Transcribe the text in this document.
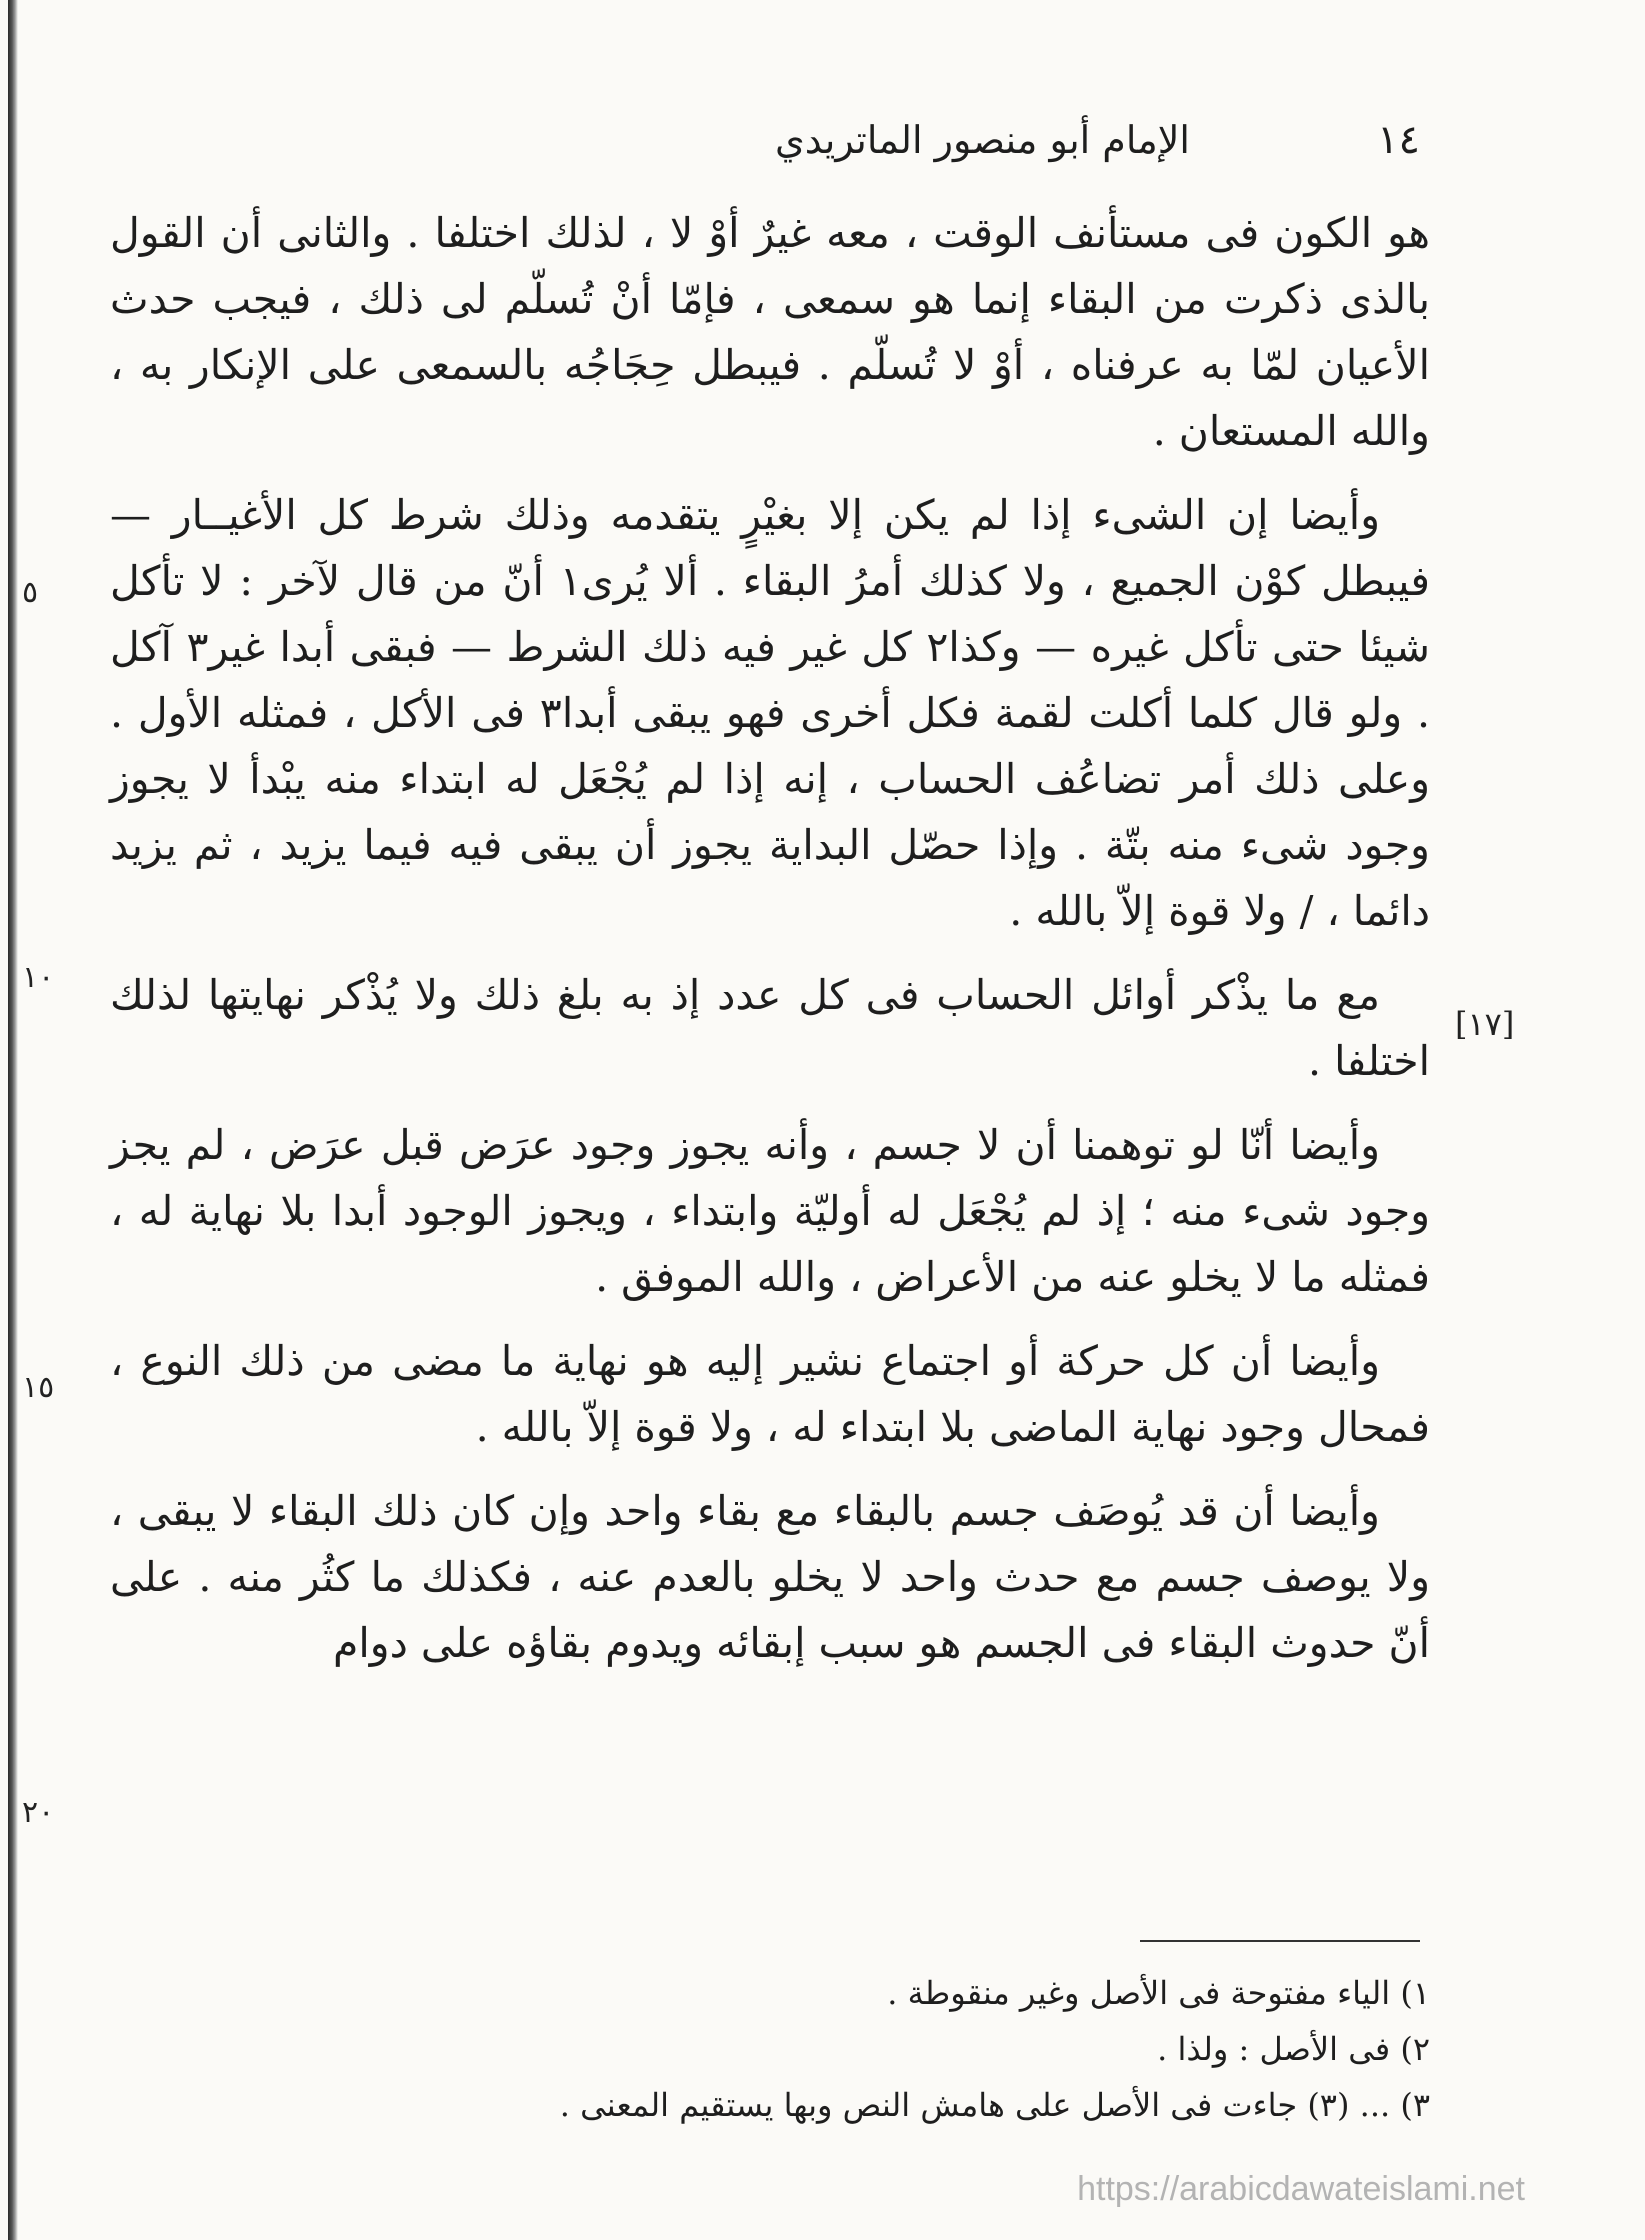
١٤
الإمام أبو منصور الماتريدي

هو الكون فى مستأنف الوقت ، معه غيرٌ أوْ لا ، لذلك اختلفا . والثانى أن القول بالذى ذكرت من البقاء إنما هو سمعى ، فإمّا أنْ تُسلّم لى ذلك ، فيجب حدث الأعيان لمّا به عرفناه ، أوْ لا تُسلّم . فيبطل حِجَاجُه بالسمعى على الإنكار به ، والله المستعان .

وأيضا إن الشىء إذا لم يكن إلا بغيْرٍ يتقدمه وذلك شرط كل الأغيــار — فيبطل كوْن الجميع ، ولا كذلك أمرُ البقاء . ألا يُرى١ أنّ من قال لآخر : لا تأكل شيئا حتى تأكل غيره — وكذا٢ كل غير فيه ذلك الشرط — فبقى أبدا غير٣ آكل . ولو قال كلما أكلت لقمة فكل أخرى فهو يبقى أبدا٣ فى الأكل ، فمثله الأول . وعلى ذلك أمر تضاعُف الحساب ، إنه إذا لم يُجْعَل له ابتداء منه يبْدأ لا يجوز وجود شىء منه بتّة . وإذا حصّل البداية يجوز أن يبقى فيه فيما يزيد ، ثم يزيد دائما ، / ولا قوة إلاّ بالله .

مع ما يذْكر أوائل الحساب فى كل عدد إذ به بلغ ذلك ولا يُذْكر نهايتها لذلك اختلفا .

وأيضا أنّا لو توهمنا أن لا جسم ، وأنه يجوز وجود عرَض قبل عرَض ، لم يجز وجود شىء منه ؛ إذ لم يُجْعَل له أوليّة وابتداء ، ويجوز الوجود أبدا بلا نهاية له ، فمثله ما لا يخلو عنه من الأعراض ، والله الموفق .

وأيضا أن كل حركة أو اجتماع نشير إليه هو نهاية ما مضى من ذلك النوع ، فمحال وجود نهاية الماضى بلا ابتداء له ، ولا قوة إلاّ بالله .

وأيضا أن قد يُوصَف جسم بالبقاء مع بقاء واحد وإن كان ذلك البقاء لا يبقى ، ولا يوصف جسم مع حدث واحد لا يخلو بالعدم عنه ، فكذلك ما كثُر منه . على أنّ حدوث البقاء فى الجسم هو سبب إبقائه ويدوم بقاؤه على دوام

٥
١٠
١٥
٢٠
[١٧]

١) الياء مفتوحة فى الأصل وغير منقوطة .

٢) فى الأصل : ولذا .

٣) ... (٣) جاءت فى الأصل على هامش النص وبها يستقيم المعنى .

https://arabicdawateislami.net
